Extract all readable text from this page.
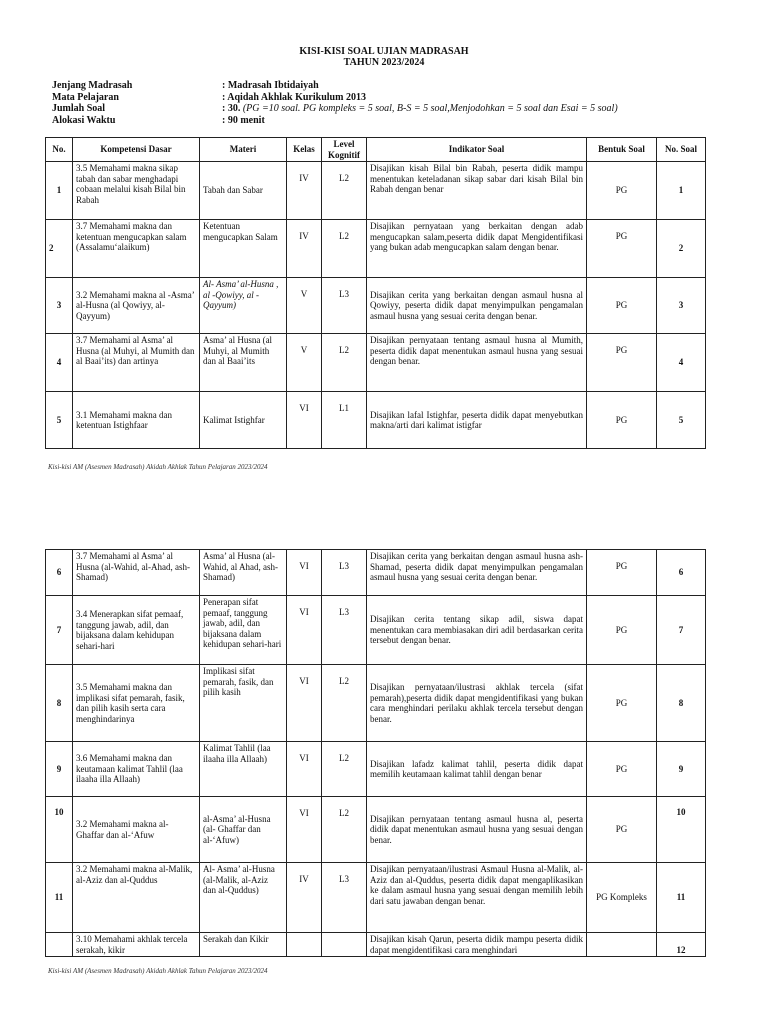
KISI-KISI SOAL UJIAN MADRASAH
TAHUN 2023/2024
Jenjang Madrasah	: Madrasah Ibtidaiyah
Mata Pelajaran	: Aqidah Akhlak Kurikulum 2013
Jumlah Soal	: 30. (PG =10 soal. PG kompleks = 5 soal, B-S = 5 soal,Menjodohkan = 5 soal dan Esai = 5 soal)
Alokasi Waktu	: 90 menit
No.	Kompetensi Dasar	Materi	Kelas	Level Kognitif	Indikator Soal	Bentuk Soal	No. Soal
1	3.5 Memahami makna sikap tabah dan sabar menghadapi cobaan melalui kisah Bilal bin Rabah	Tabah dan Sabar	IV	L2	Disajikan kisah Bilal bin Rabah, peserta didik mampu menentukan keteladanan sikap sabar dari kisah Bilal bin Rabah dengan benar	PG	1
2	3.7 Memahami makna dan ketentuan mengucapkan salam (Assalamu‘alaikum)	Ketentuan mengucapkan Salam	IV	L2	Disajikan pernyataan yang berkaitan dengan adab mengucapkan salam,peserta didik dapat Mengidentifikasi yang bukan adab mengucapkan salam dengan benar.	PG	2
3	3.2 Memahami makna al -Asma’ al-Husna (al Qowiyy, al-Qayyum)	Al- Asma’ al-Husna , al -Qowiyy, al -Qayyum)	V	L3	Disajikan cerita yang berkaitan dengan asmaul husna al Qowiyy, peserta didik dapat menyimpulkan pengamalan asmaul husna yang sesuai cerita dengan benar.	PG	3
4	3.7 Memahami al Asma’ al Husna (al Muhyi, al Mumith dan al Baai’its) dan artinya	Asma’ al Husna (al Muhyi, al Mumith dan al Baai’its	V	L2	Disajikan pernyataan tentang asmaul husna al Mumith, peserta didik dapat menentukan asmaul husna yang sesuai dengan benar.	PG	4
5	3.1 Memahami makna dan ketentuan Istighfaar	Kalimat Istighfar	VI	L1	Disajikan lafal Istighfar, peserta didik dapat menyebutkan makna/arti dari kalimat istigfar	PG	5
Kisi-kisi AM (Asesmen Madrasah) Akidah Akhlak Tahun Pelajaran 2023/2024
6	3.7 Memahami al Asma’ al Husna (al-Wahid, al-Ahad, ash-Shamad)	Asma’ al Husna (al-Wahid, al Ahad, ash-Shamad)	VI	L3	Disajikan cerita yang berkaitan dengan asmaul husna ash-Shamad, peserta didik dapat menyimpulkan pengamalan asmaul husna yang sesuai cerita dengan benar.	PG	6
7	3.4 Menerapkan sifat pemaaf, tanggung jawab, adil, dan bijaksana dalam kehidupan sehari-hari	Penerapan sifat pemaaf, tanggung jawab, adil, dan bijaksana dalam kehidupan sehari-hari	VI	L3	Disajikan cerita tentang sikap adil, siswa dapat menentukan cara membiasakan diri adil berdasarkan cerita tersebut dengan benar.	PG	7
8	3.5 Memahami makna dan implikasi sifat pemarah, fasik, dan pilih kasih serta cara menghindarinya	Implikasi sifat pemarah, fasik, dan pilih kasih	VI	L2	Disajikan pernyataan/ilustrasi akhlak tercela (sifat pemarah),peserta didik dapat mengidentifikasi yang bukan cara menghindari perilaku akhlak tercela tersebut dengan benar.	PG	8
9	3.6 Memahami makna dan keutamaan kalimat Tahlil (laa ilaaha illa Allaah)	Kalimat Tahlil (laa ilaaha illa Allaah)	VI	L2	Disajikan lafadz kalimat tahlil, peserta didik dapat memilih keutamaan kalimat tahlil dengan benar	PG	9
10	3.2 Memahami makna al-Ghaffar dan al-‘Afuw	al-Asma’ al-Husna (al- Ghaffar dan al-‘Afuw)	VI	L2	Disajikan pernyataan tentang asmaul husna al, peserta didik dapat menentukan asmaul husna yang sesuai dengan benar.	PG	10
11	3.2 Memahami makna al-Malik, al-Aziz dan al-Quddus	Al- Asma’ al-Husna (al-Malik, al-Aziz dan al-Quddus)	IV	L3	Disajikan pernyataan/ilustrasi Asmaul Husna al-Malik, al-Aziz dan al-Quddus, peserta didik dapat mengaplikasikan ke dalam asmaul husna yang sesuai dengan memilih lebih dari satu jawaban dengan benar.	PG Kompleks	11
	3.10 Memahami akhlak tercela serakah, kikir	Serakah dan Kikir			Disajikan kisah Qarun, peserta didik mampu peserta didik dapat mengidentifikasi cara menghindari		12
Kisi-kisi AM (Asesmen Madrasah) Akidah Akhlak Tahun Pelajaran 2023/2024
